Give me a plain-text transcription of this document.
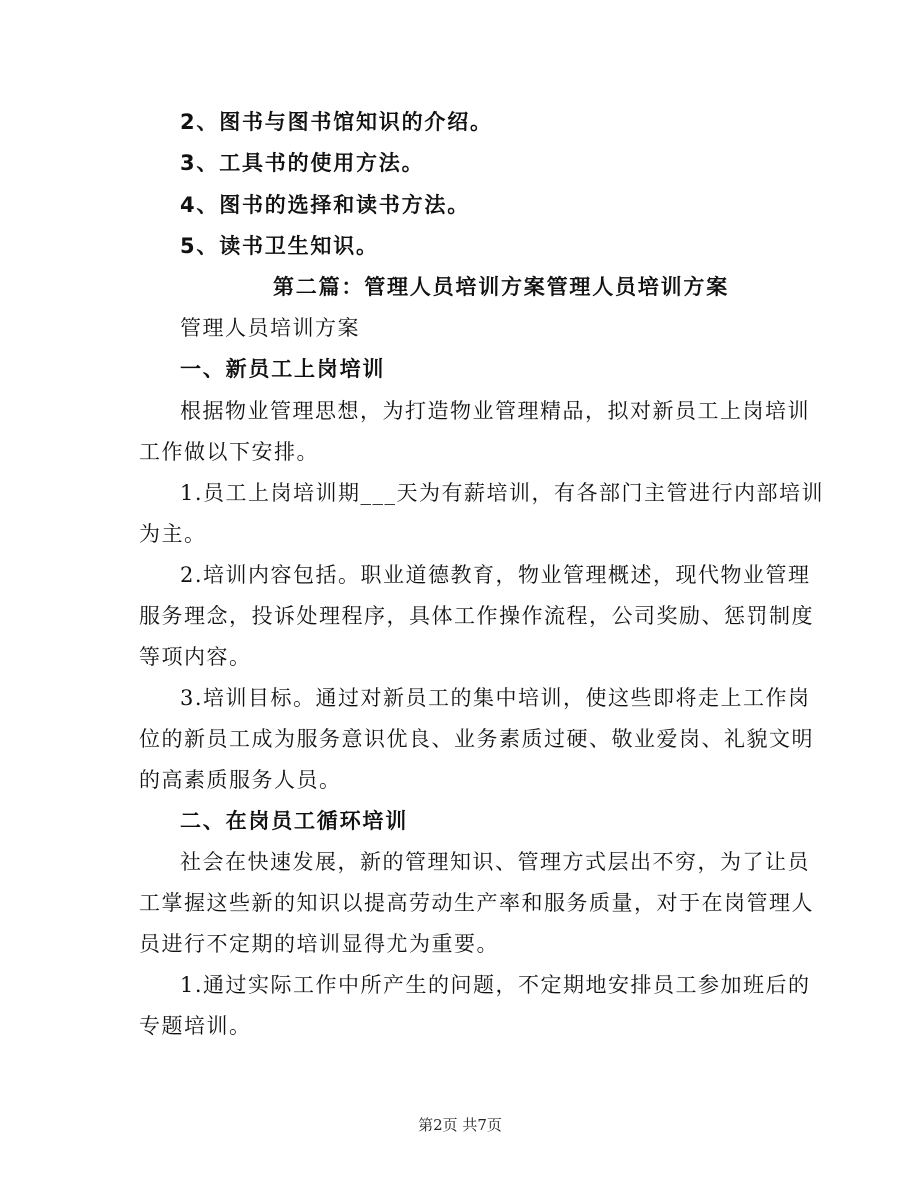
2、图书与图书馆知识的介绍。
3、工具书的使用方法。
4、图书的选择和读书方法。
5、读书卫生知识。
第二篇：管理人员培训方案管理人员培训方案
管理人员培训方案
一、新员工上岗培训
根据物业管理思想，为打造物业管理精品，拟对新员工上岗培训
工作做以下安排。
1.员工上岗培训期___天为有薪培训，有各部门主管进行内部培训
为主。
2.培训内容包括。职业道德教育，物业管理概述，现代物业管理
服务理念，投诉处理程序，具体工作操作流程，公司奖励、惩罚制度
等项内容。
3.培训目标。通过对新员工的集中培训，使这些即将走上工作岗
位的新员工成为服务意识优良、业务素质过硬、敬业爱岗、礼貌文明
的高素质服务人员。
二、在岗员工循环培训
社会在快速发展，新的管理知识、管理方式层出不穷，为了让员
工掌握这些新的知识以提高劳动生产率和服务质量，对于在岗管理人
员进行不定期的培训显得尤为重要。
1.通过实际工作中所产生的问题，不定期地安排员工参加班后的
专题培训。
第2页 共7页
